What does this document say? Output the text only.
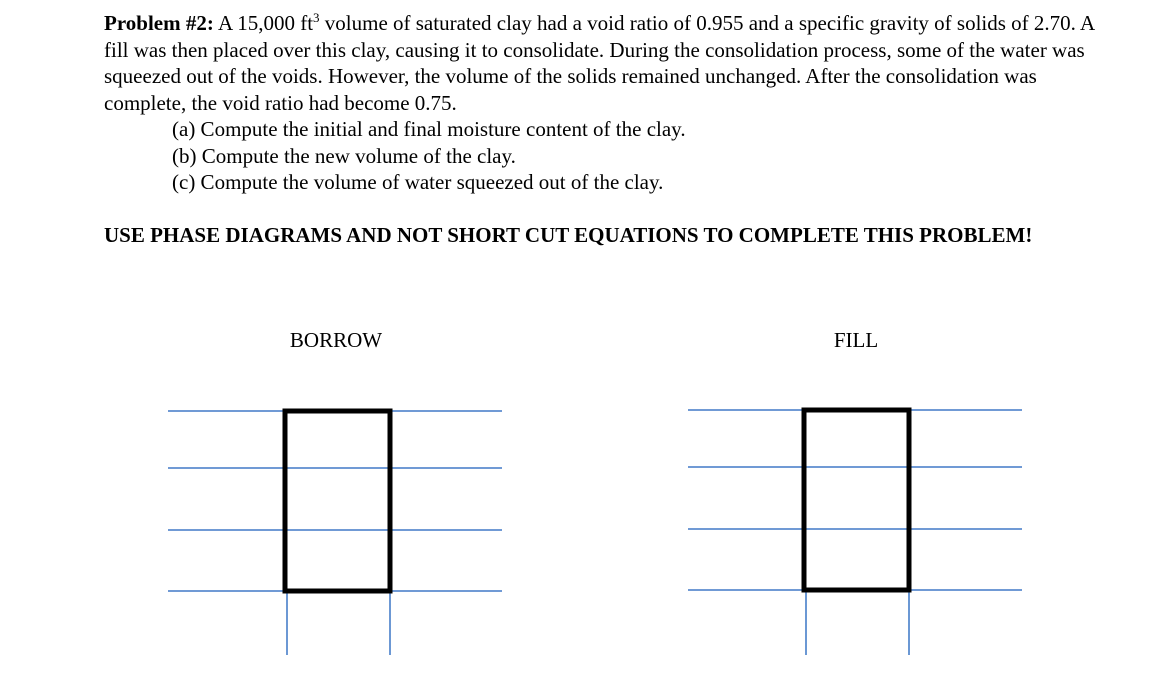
Problem #2: A 15,000 $ft^3$ volume of saturated clay had a void ratio of 0.955 and a specific gravity of solids of 2.70. A fill was then placed over this clay, causing it to consolidate. During the consolidation process, some of the water was squeezed out of the voids. However, the volume of the solids remained unchanged. After the consolidation was complete, the void ratio had become 0.75.
(a) Compute the initial and final moisture content of the clay.
(b) Compute the new volume of the clay.
(c) Compute the volume of water squeezed out of the clay.
USE PHASE DIAGRAMS AND NOT SHORT CUT EQUATIONS TO COMPLETE THIS PROBLEM!
BORROW	FILL
